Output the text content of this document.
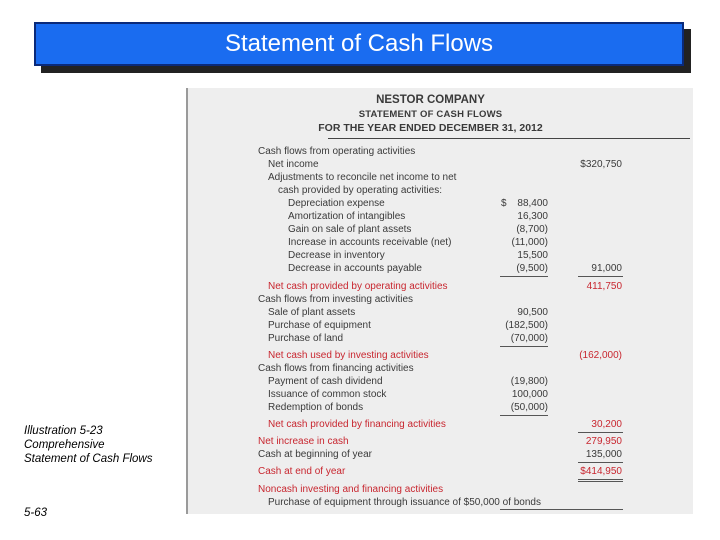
Statement of Cash Flows
Illustration 5-23
Comprehensive
Statement of Cash Flows
5-63
NESTOR COMPANY
STATEMENT OF CASH FLOWS
FOR THE YEAR ENDED DECEMBER 31, 2012
Cash flows from operating activities
Net income	$320,750
Adjustments to reconcile net income to net
cash provided by operating activities:
Depreciation expense	$	88,400
Amortization of intangibles	16,300
Gain on sale of plant assets	(8,700)
Increase in accounts receivable (net)	(11,000)
Decrease in inventory	15,500
Decrease in accounts payable	(9,500)	91,000
Net cash provided by operating activities	411,750
Cash flows from investing activities
Sale of plant assets	90,500
Purchase of equipment	(182,500)
Purchase of land	(70,000)
Net cash used by investing activities	(162,000)
Cash flows from financing activities
Payment of cash dividend	(19,800)
Issuance of common stock	100,000
Redemption of bonds	(50,000)
Net cash provided by financing activities	30,200
Net increase in cash	279,950
Cash at beginning of year	135,000
Cash at end of year	$414,950
Noncash investing and financing activities
Purchase of equipment through issuance of $50,000 of bonds
